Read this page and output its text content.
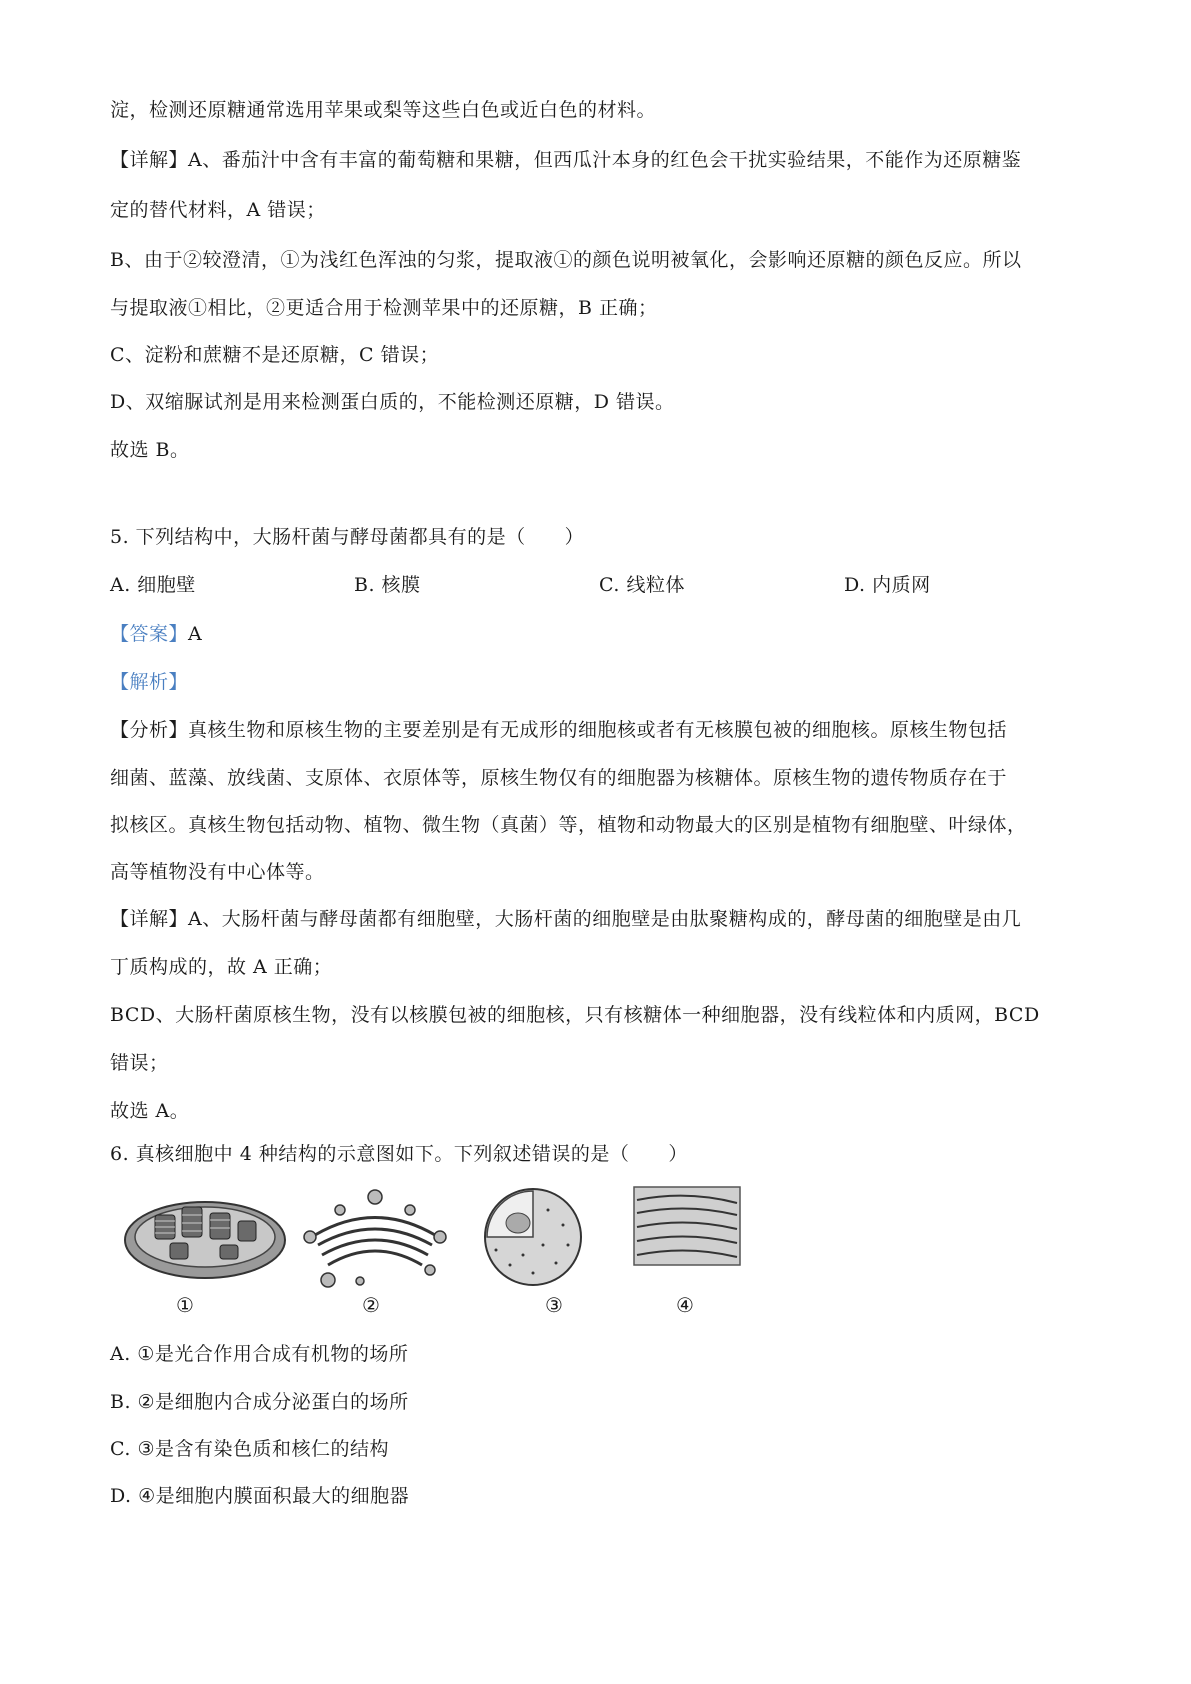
淀，检测还原糖通常选用苹果或梨等这些白色或近白色的材料。
【详解】A、番茄汁中含有丰富的葡萄糖和果糖，但西瓜汁本身的红色会干扰实验结果，不能作为还原糖鉴
定的替代材料，A 错误；
B、由于②较澄清，①为浅红色浑浊的匀浆，提取液①的颜色说明被氧化，会影响还原糖的颜色反应。所以
与提取液①相比，②更适合用于检测苹果中的还原糖，B 正确；
C、淀粉和蔗糖不是还原糖，C 错误；
D、双缩脲试剂是用来检测蛋白质的，不能检测还原糖，D 错误。
故选 B。
5. 下列结构中，大肠杆菌与酵母菌都具有的是（　　）
A. 细胞壁	B. 核膜	C. 线粒体	D. 内质网
【答案】A
【解析】
【分析】真核生物和原核生物的主要差别是有无成形的细胞核或者有无核膜包被的细胞核。原核生物包括
细菌、蓝藻、放线菌、支原体、衣原体等，原核生物仅有的细胞器为核糖体。原核生物的遗传物质存在于
拟核区。真核生物包括动物、植物、微生物（真菌）等，植物和动物最大的区别是植物有细胞壁、叶绿体，
高等植物没有中心体等。
【详解】A、大肠杆菌与酵母菌都有细胞壁，大肠杆菌的细胞壁是由肽聚糖构成的，酵母菌的细胞壁是由几
丁质构成的，故 A 正确；
BCD、大肠杆菌原核生物，没有以核膜包被的细胞核，只有核糖体一种细胞器，没有线粒体和内质网，BCD
错误；
故选 A。
6. 真核细胞中 4 种结构的示意图如下。下列叙述错误的是（　　）
①	②	③	④
A. ①是光合作用合成有机物的场所
B. ②是细胞内合成分泌蛋白的场所
C. ③是含有染色质和核仁的结构
D. ④是细胞内膜面积最大的细胞器
